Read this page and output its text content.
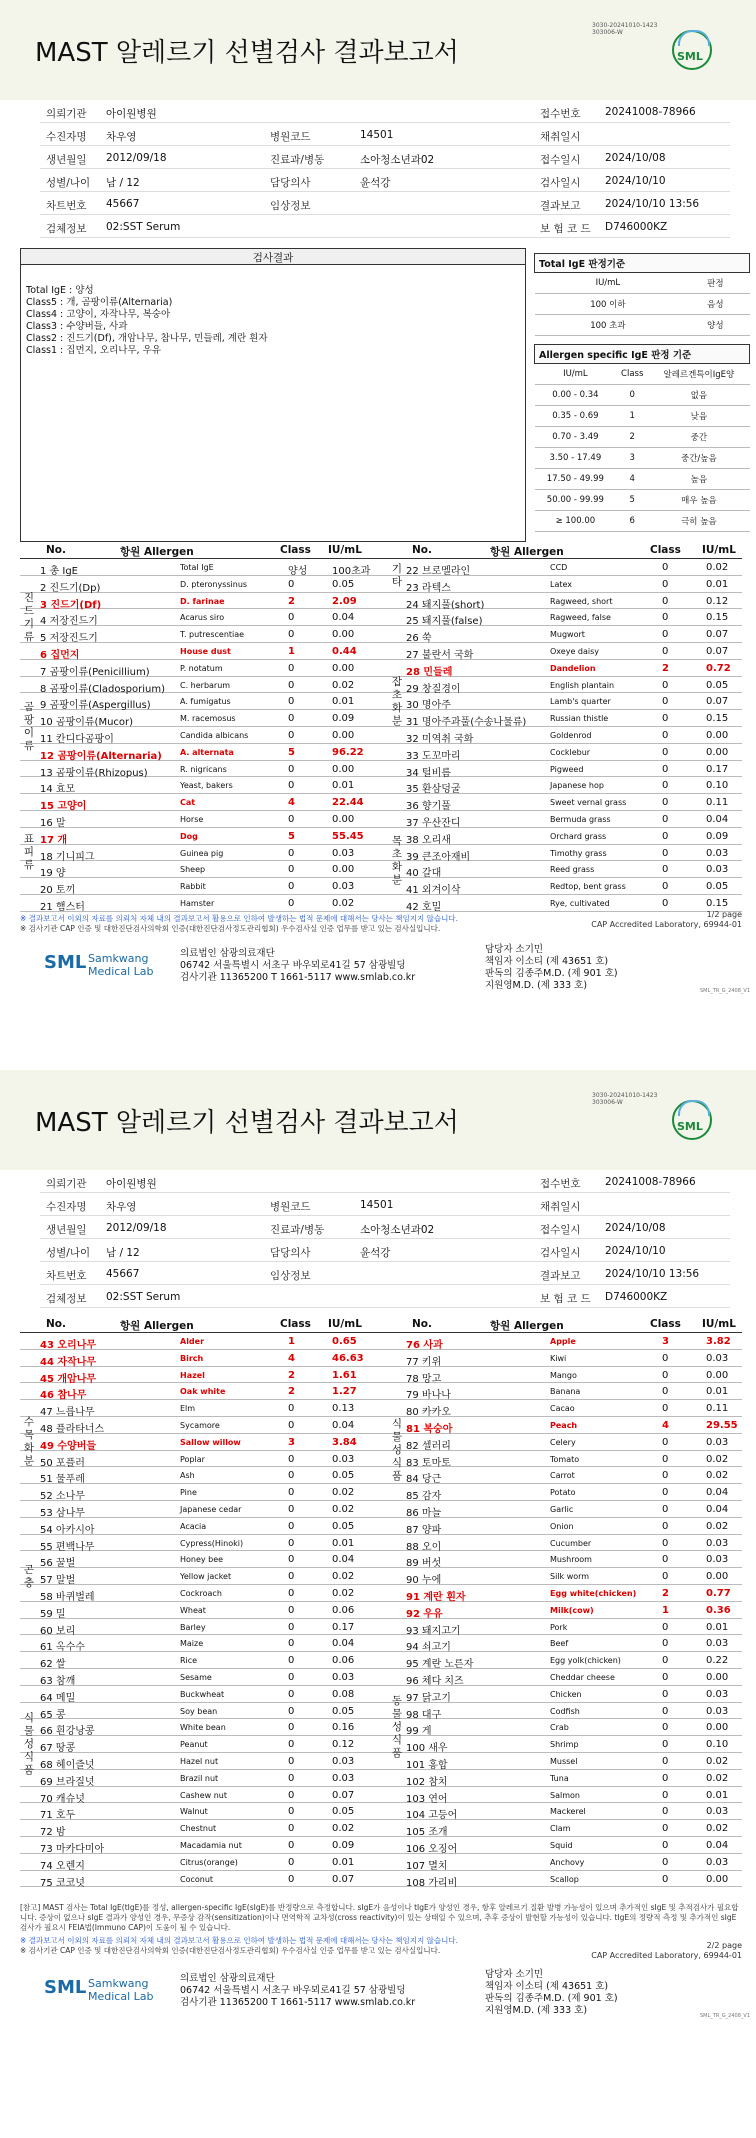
MAST 알레르기 선별검사 결과보고서
3030-20241010-1423
303006-W
SML
의뢰기관 아이원병원	접수번호 20241008-78966
수진자명 차우영	병원코드	14501	채취일시
생년월일 2012/09/18	진료과/병동	소아청소년과02	접수일시 2024/10/08
성별/나이 남 / 12	담당의사	윤석강	검사일시 2024/10/10
차트번호 45667	임상정보	결과보고 2024/10/10 13:56
검체정보 02:SST Serum	보 험 코 드 D746000KZ
검사결과
Total IgE : 양성
Class5 : 개, 곰팡이류(Alternaria)
Class4 : 고양이, 자작나무, 복숭아
Class3 : 수양버들, 사과
Class2 : 진드기(Df), 개암나무, 참나무, 민들레, 계란 흰자
Class1 : 집먼지, 오리나무, 우유
Total IgE 판정기준	
IU/mL	판정
100 이하	음성
100 초과	양성
Allergen specific IgE 판정 기준		
IU/mL	Class	알레르겐특이IgE양
0.00 - 0.34	0	없음
0.35 - 0.69	1	낮음
0.70 - 3.49	2	중간
3.50 - 17.49	3	중간/높음
17.50 - 49.99	4	높음
50.00 - 99.99	5	매우 높음
≥ 100.00	6	극히 높음
No.	항원 Allergen	Class IU/mL	No.	항원 Allergen	Class IU/mL
1 총 IgE	Total IgE	양성 100초과	22 브로멜라인	CCD	0	0.02
2 진드기(Dp)	D. pteronyssinus	0	0.05	23 라텍스	Latex	0	0.01
3 진드기(Df)	D. farinae	2	2.09	24 돼지풀(short)	Ragweed, short	0	0.12
4 저장진드기	Acarus siro	0	0.04	25 돼지풀(false)	Ragweed, false	0	0.15
5 저장진드기	T. putrescentiae	0	0.00	26 쑥	Mugwort	0	0.07
6 집먼지	House dust	1	0.44	27 불란서 국화	Oxeye daisy	0	0.07
7 곰팡이류(Penicillium)	P. notatum	0	0.00	28 민들레	Dandelion	2	0.72
8 곰팡이류(Cladosporium) C. herbarum	0	0.02	29 창질경이	English plantain	0	0.05
9 곰팡이류(Aspergillus)	A. fumigatus	0	0.01	30 명아주	Lamb's quarter	0	0.07
10 곰팡이류(Mucor)	M. racemosus	0	0.09	31 명아주과풀(수송나물류)	Russian thistle	0	0.15
11 칸디다곰팡이	Candida albicans	0	0.00	32 미역취 국화	Goldenrod	0	0.00
12 곰팡이류(Alternaria) A. alternata	5	96.22	33 도꼬마리	Cocklebur	0	0.00
13 곰팡이류(Rhizopus)	R. nigricans	0	0.00	34 털비름	Pigweed	0	0.17
14 효모	Yeast, bakers	0	0.01	35 환삼덩굴	Japanese hop	0	0.10
15 고양이	Cat	4	22.44	36 향기풀	Sweet vernal grass	0	0.11
16 말	Horse	0	0.00	37 우산잔디	Bermuda grass	0	0.04
17 개	Dog	5	55.45	38 오리새	Orchard grass	0	0.09
18 기니피그	Guinea pig	0	0.03	39 큰조아재비	Timothy grass	0	0.03
19 양	Sheep	0	0.00	40 갈대	Reed grass	0	0.03
20 토끼	Rabbit	0	0.03	41 외겨이삭	Redtop, bent grass	0	0.05
21 햄스터	Hamster	0	0.02	42 호밀	Rye, cultivated	0	0.15
진드기류
곰팡이류
표피류
기타
잡초화분
목초화분
※ 결과보고서 이외의 자료를 의뢰처 자체 내의 결과보고서 활용으로 인하여 발생하는 법적 문제에 대해서는 당사는 책임지지 않습니다.
※ 검사기관 CAP 인증 및 대한진단검사의학회 인증(대한진단검사정도관리협회) 우수검사실 인증 업무를 받고 있는 검사실입니다.
1/2 page
CAP Accredited Laboratory, 69944-01
SML Samkwang
Medical Lab
의료법인 삼광의료재단
06742 서울특별시 서초구 바우뫼로41길 57 삼광빌딩
검사기관 11365200 T 1661-5117 www.smlab.co.kr
담당자 소기민
책임자 이소티 (제 43651 호)
판독의 김종주M.D. (제 901 호)
지원영M.D. (제 333 호)	SML_TR_G_2408_V1
MAST 알레르기 선별검사 결과보고서
3030-20241010-1423
303006-W
SML
의뢰기관 아이원병원	접수번호 20241008-78966
수진자명 차우영	병원코드	14501	채취일시
생년월일 2012/09/18	진료과/병동	소아청소년과02	접수일시 2024/10/08
성별/나이 남 / 12	담당의사	윤석강	검사일시 2024/10/10
차트번호 45667	임상정보	결과보고 2024/10/10 13:56
검체정보 02:SST Serum	보 험 코 드 D746000KZ
No.	항원 Allergen	Class IU/mL	No.	항원 Allergen	Class IU/mL
43 오리나무	Alder	1	0.65	76 사과	Apple	3	3.82
44 자작나무	Birch	4	46.63	77 키위	Kiwi	0	0.03
45 개암나무	Hazel	2	1.61	78 망고	Mango	0	0.00
46 참나무	Oak white	2	1.27	79 바나나	Banana	0	0.01
47 느릅나무	Elm	0	0.13	80 카카오	Cacao	0	0.11
48 플라타너스	Sycamore	0	0.04	81 복숭아	Peach	4	29.55
49 수양버들	Sallow willow	3	3.84	82 셀러리	Celery	0	0.03
50 포플러	Poplar	0	0.03	83 토마토	Tomato	0	0.02
51 물푸레	Ash	0	0.05	84 당근	Carrot	0	0.02
52 소나무	Pine	0	0.02	85 감자	Potato	0	0.04
53 삼나무	Japanese cedar	0	0.02	86 마늘	Garlic	0	0.04
54 아카시아	Acacia	0	0.05	87 양파	Onion	0	0.02
55 편백나무	Cypress(Hinoki)	0	0.01	88 오이	Cucumber	0	0.03
56 꿀벌	Honey bee	0	0.04	89 버섯	Mushroom	0	0.03
57 말벌	Yellow jacket	0	0.02	90 누에	Silk worm	0	0.00
58 바퀴벌레	Cockroach	0	0.02	91 계란 흰자	Egg white(chicken)	2	0.77
59 밀	Wheat	0	0.06	92 우유	Milk(cow)	1	0.36
60 보리	Barley	0	0.17	93 돼지고기	Pork	0	0.01
61 옥수수	Maize	0	0.04	94 쇠고기	Beef	0	0.03
62 쌀	Rice	0	0.06	95 계란 노른자	Egg yolk(chicken)	0	0.22
63 참깨	Sesame	0	0.03	96 체다 치즈	Cheddar cheese	0	0.00
64 메밀	Buckwheat	0	0.08	97 닭고기	Chicken	0	0.03
65 콩	Soy bean	0	0.05	98 대구	Codfish	0	0.03
66 흰강낭콩	White bean	0	0.16	99 게	Crab	0	0.00
67 땅콩	Peanut	0	0.12	100 새우	Shrimp	0	0.10
68 헤이즐넛	Hazel nut	0	0.03	101 홍합	Mussel	0	0.02
69 브라질넛	Brazil nut	0	0.03	102 참치	Tuna	0	0.02
70 캐슈넛	Cashew nut	0	0.07	103 연어	Salmon	0	0.01
71 호두	Walnut	0	0.05	104 고등어	Mackerel	0	0.03
72 밤	Chestnut	0	0.02	105 조개	Clam	0	0.02
73 마카다미아	Macadamia nut	0	0.09	106 오징어	Squid	0	0.04
74 오렌지	Citrus(orange)	0	0.01	107 멸치	Anchovy	0	0.03
75 코코넛	Coconut	0	0.07	108 가리비	Scallop	0	0.00
수목화분
곤충
식물성식품
식물성식품
동물성식품
[참고] MAST 검사는 Total IgE(tIgE)를 정성, allergen-specific IgE(sIgE)를 반정량으로 측정합니다. sIgE가 음성이나 tIgE가 양성인 경우, 항후 알레르기 질환 발병 가능성이 있으며 추가적인 sIgE 및 추적검사가 필요합니다. 증상이 없으나 sIgE 결과가 양성인 경우, 무증상 감작(sensitization)이나 면역학적 교차성(cross reactivity)이 있는 상태일 수 있으며, 추후 증상이 발현할 가능성이 있습니다. tIgE의 정량적 측정 및 추가적인 sIgE 검사가 필요시 FEIA법(Immuno CAP)이 도움이 될 수 있습니다.
※ 결과보고서 이외의 자료를 의뢰처 자체 내의 결과보고서 활용으로 인하여 발생하는 법적 문제에 대해서는 당사는 책임지지 않습니다.
※ 검사기관 CAP 인증 및 대한진단검사의학회 인증(대한진단검사정도관리협회) 우수검사실 인증 업무를 받고 있는 검사실입니다.
2/2 page
CAP Accredited Laboratory, 69944-01
SML Samkwang
Medical Lab
의료법인 삼광의료재단
06742 서울특별시 서초구 바우뫼로41길 57 삼광빌딩
검사기관 11365200 T 1661-5117 www.smlab.co.kr
담당자 소기민
책임자 이소티 (제 43651 호)
판독의 김종주M.D. (제 901 호)
지원영M.D. (제 333 호)	SML_TR_G_2408_V1
